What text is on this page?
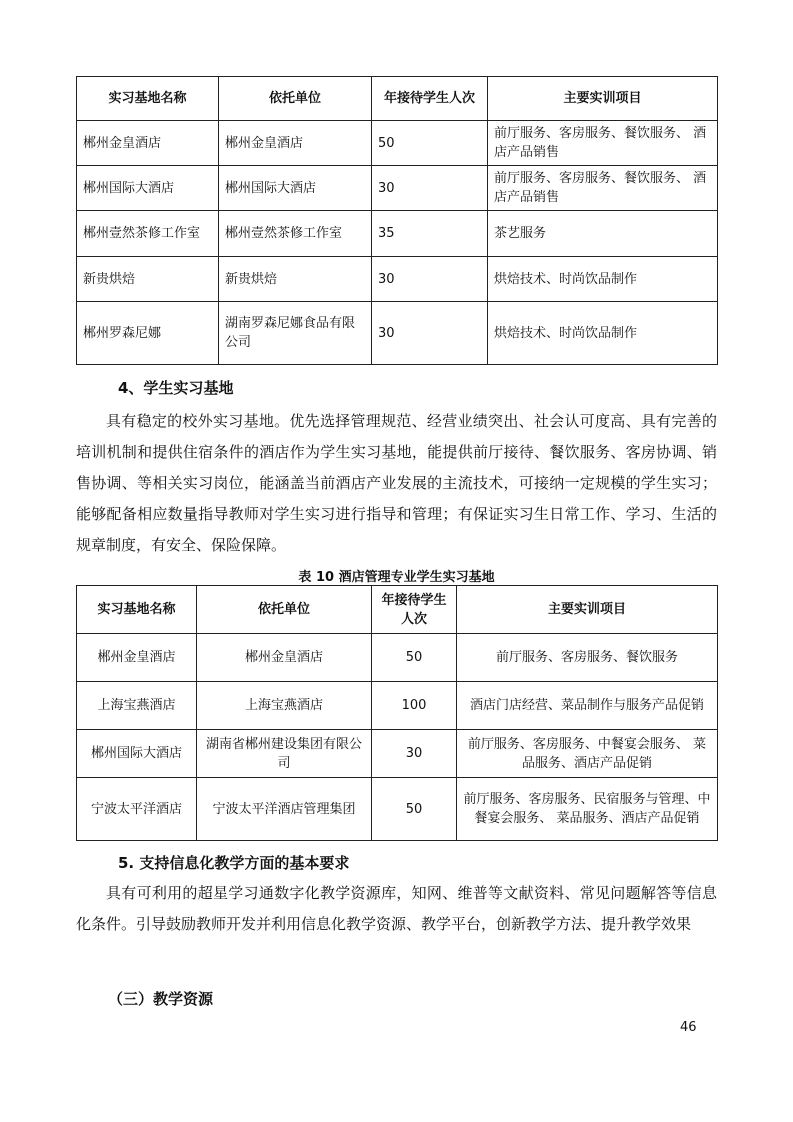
实习基地名称	依托单位	年接待学生人次	主要实训项目
郴州金皇酒店	郴州金皇酒店	50	前厅服务、客房服务、餐饮服务、 酒店产品销售
郴州国际大酒店	郴州国际大酒店	30	前厅服务、客房服务、餐饮服务、 酒店产品销售
郴州壹然茶修工作室	郴州壹然茶修工作室	35	茶艺服务
新贵烘焙	新贵烘焙	30	烘焙技术、时尚饮品制作
郴州罗森尼娜	湖南罗森尼娜食品有限公司	30	烘焙技术、时尚饮品制作
4、学生实习基地

具有稳定的校外实习基地。优先选择管理规范、经营业绩突出、社会认可度高、具有完善的培训机制和提供住宿条件的酒店作为学生实习基地，能提供前厅接待、餐饮服务、客房协调、销售协调、等相关实习岗位，能涵盖当前酒店产业发展的主流技术，可接纳一定规模的学生实习；能够配备相应数量指导教师对学生实习进行指导和管理；有保证实习生日常工作、学习、生活的规章制度，有安全、保险保障。

表 10 酒店管理专业学生实习基地
实习基地名称	依托单位	年接待学生人次	主要实训项目
郴州金皇酒店	郴州金皇酒店	50	前厅服务、客房服务、餐饮服务
上海宝燕酒店	上海宝燕酒店	100	酒店门店经营、菜品制作与服务产品促销
郴州国际大酒店	湖南省郴州建设集团有限公司	30	前厅服务、客房服务、中餐宴会服务、 菜品服务、酒店产品促销
宁波太平洋酒店	宁波太平洋酒店管理集团	50	前厅服务、客房服务、民宿服务与管理、中餐宴会服务、 菜品服务、酒店产品促销
5. 支持信息化教学方面的基本要求

具有可利用的超星学习通数字化教学资源库，知网、维普等文献资料、常见问题解答等信息化条件。引导鼓励教师开发并利用信息化教学资源、教学平台，创新教学方法、提升教学效果

（三）教学资源
46
